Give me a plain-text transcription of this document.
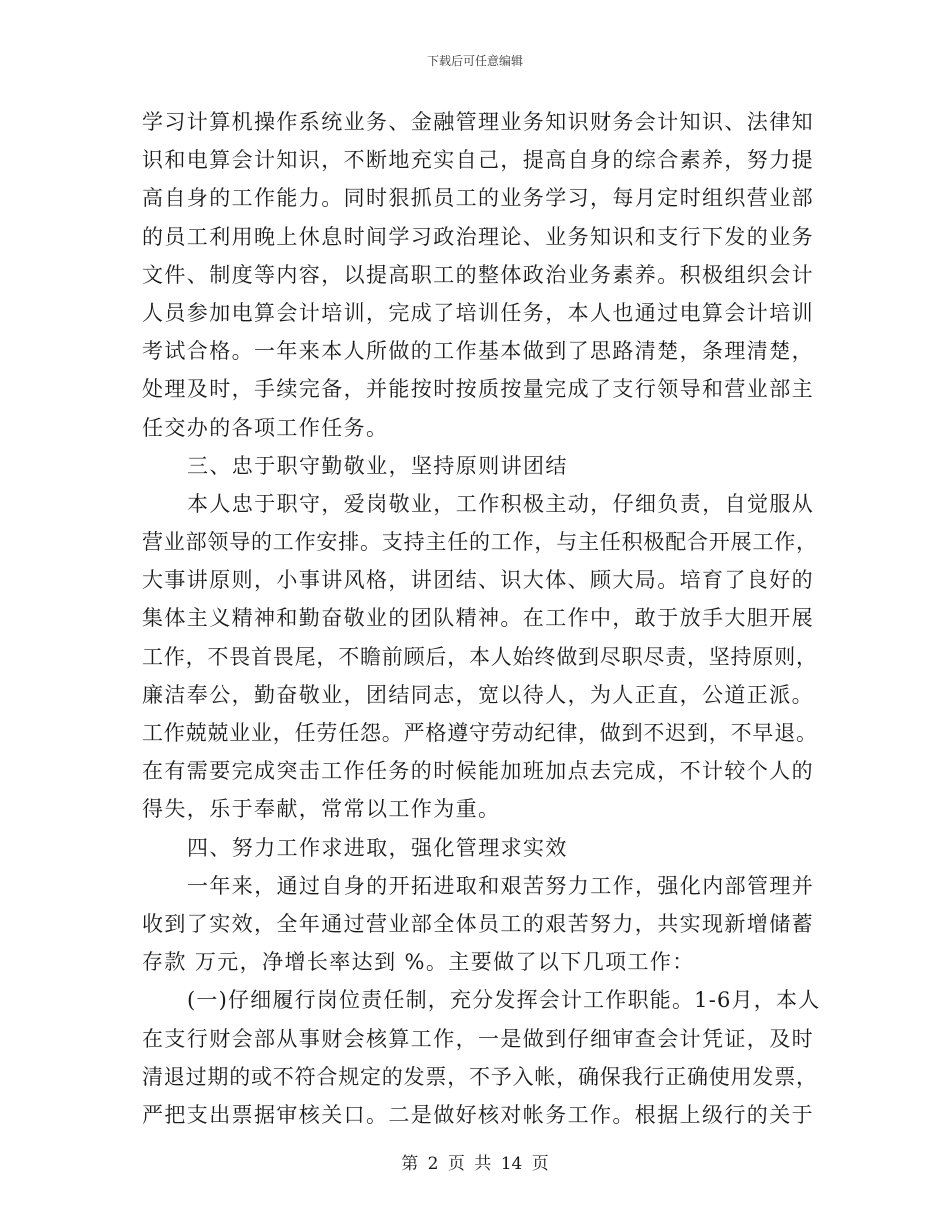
下载后可任意编辑
学习计算机操作系统业务、金融管理业务知识财务会计知识、法律知
识和电算会计知识，不断地充实自己，提高自身的综合素养，努力提
高自身的工作能力。同时狠抓员工的业务学习，每月定时组织营业部
的员工利用晚上休息时间学习政治理论、业务知识和支行下发的业务
文件、制度等内容，以提高职工的整体政治业务素养。积极组织会计
人员参加电算会计培训，完成了培训任务，本人也通过电算会计培训
考试合格。一年来本人所做的工作基本做到了思路清楚，条理清楚，
处理及时，手续完备，并能按时按质按量完成了支行领导和营业部主
任交办的各项工作任务。
三、忠于职守勤敬业，坚持原则讲团结
本人忠于职守，爱岗敬业，工作积极主动，仔细负责，自觉服从
营业部领导的工作安排。支持主任的工作，与主任积极配合开展工作，
大事讲原则，小事讲风格，讲团结、识大体、顾大局。培育了良好的
集体主义精神和勤奋敬业的团队精神。在工作中，敢于放手大胆开展
工作，不畏首畏尾，不瞻前顾后，本人始终做到尽职尽责，坚持原则，
廉洁奉公，勤奋敬业，团结同志，宽以待人，为人正直，公道正派。
工作兢兢业业，任劳任怨。严格遵守劳动纪律，做到不迟到，不早退。
在有需要完成突击工作任务的时候能加班加点去完成，不计较个人的
得失，乐于奉献，常常以工作为重。
四、努力工作求进取，强化管理求实效
一年来，通过自身的开拓进取和艰苦努力工作，强化内部管理并
收到了实效，全年通过营业部全体员工的艰苦努力，共实现新增储蓄
存款 万元，净增长率达到 %。主要做了以下几项工作：
(一)仔细履行岗位责任制，充分发挥会计工作职能。1-6月，本人
在支行财会部从事财会核算工作，一是做到仔细审查会计凭证，及时
清退过期的或不符合规定的发票，不予入帐，确保我行正确使用发票，
严把支出票据审核关口。二是做好核对帐务工作。根据上级行的关于
第 2 页 共 14 页
